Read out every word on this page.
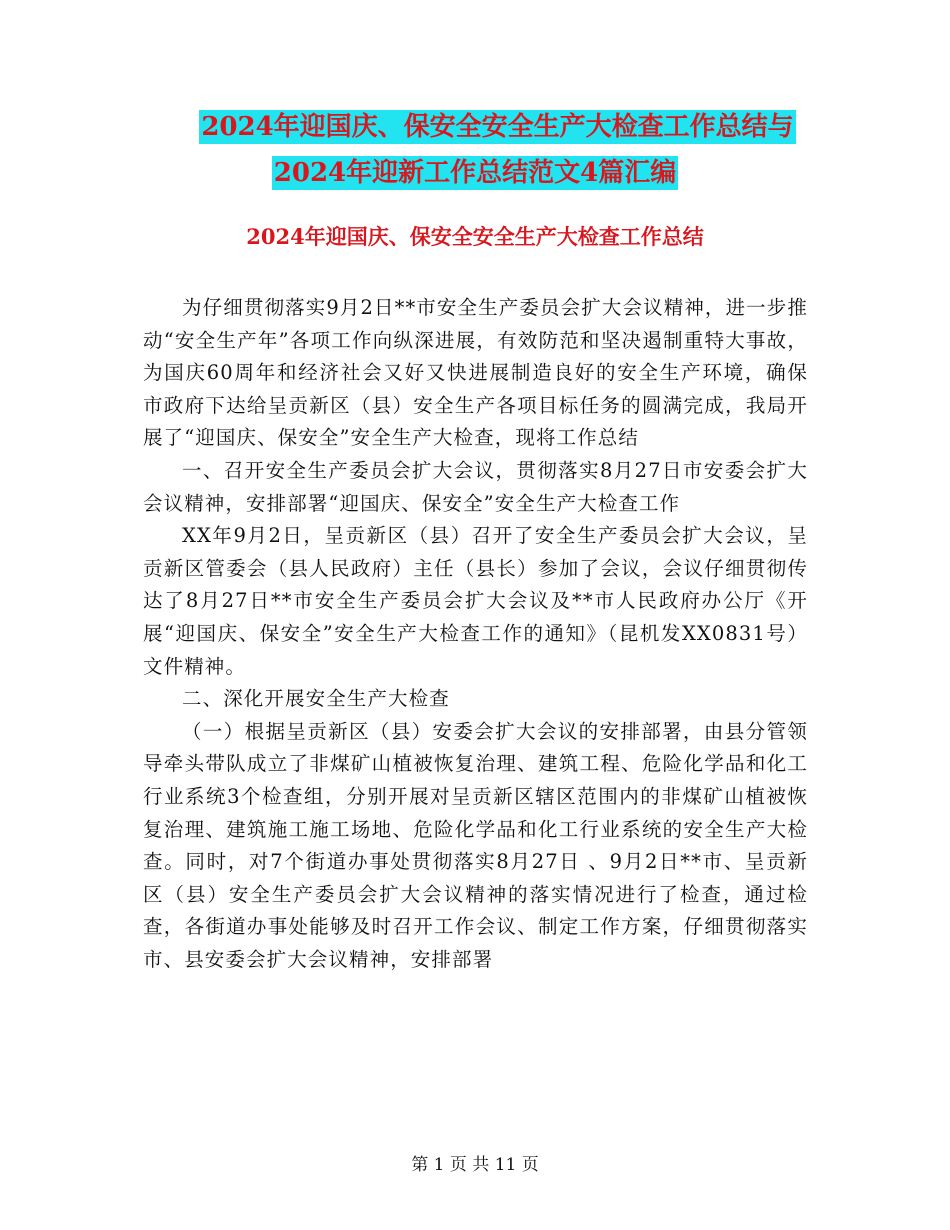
2024年迎国庆、保安全安全生产大检查工作总结与
2024年迎新工作总结范文4篇汇编
2024年迎国庆、保安全安全生产大检查工作总结

为仔细贯彻落实9月2日**市安全生产委员会扩大会议精神，进一步推动“安全生产年”各项工作向纵深进展，有效防范和坚决遏制重特大事故，为国庆60周年和经济社会又好又快进展制造良好的安全生产环境，确保市政府下达给呈贡新区（县）安全生产各项目标任务的圆满完成，我局开展了“迎国庆、保安全”安全生产大检查，现将工作总结

一、召开安全生产委员会扩大会议，贯彻落实8月27日市安委会扩大会议精神，安排部署“迎国庆、保安全”安全生产大检查工作

XX年9月2日，呈贡新区（县）召开了安全生产委员会扩大会议，呈贡新区管委会（县人民政府）主任（县长）参加了会议，会议仔细贯彻传达了8月27日**市安全生产委员会扩大会议及**市人民政府办公厅《开展“迎国庆、保安全”安全生产大检查工作的通知》（昆机发XX0831号）文件精神。

二、深化开展安全生产大检查

（一）根据呈贡新区（县）安委会扩大会议的安排部署，由县分管领导牵头带队成立了非煤矿山植被恢复治理、建筑工程、危险化学品和化工行业系统3个检查组，分别开展对呈贡新区辖区范围内的非煤矿山植被恢复治理、建筑施工施工场地、危险化学品和化工行业系统的安全生产大检查。同时，对7个街道办事处贯彻落实8月27日 、9月2日**市、呈贡新区（县）安全生产委员会扩大会议精神的落实情况进行了检查，通过检查，各街道办事处能够及时召开工作会议、制定工作方案，仔细贯彻落实市、县安委会扩大会议精神，安排部署

第 1 页 共 11 页
